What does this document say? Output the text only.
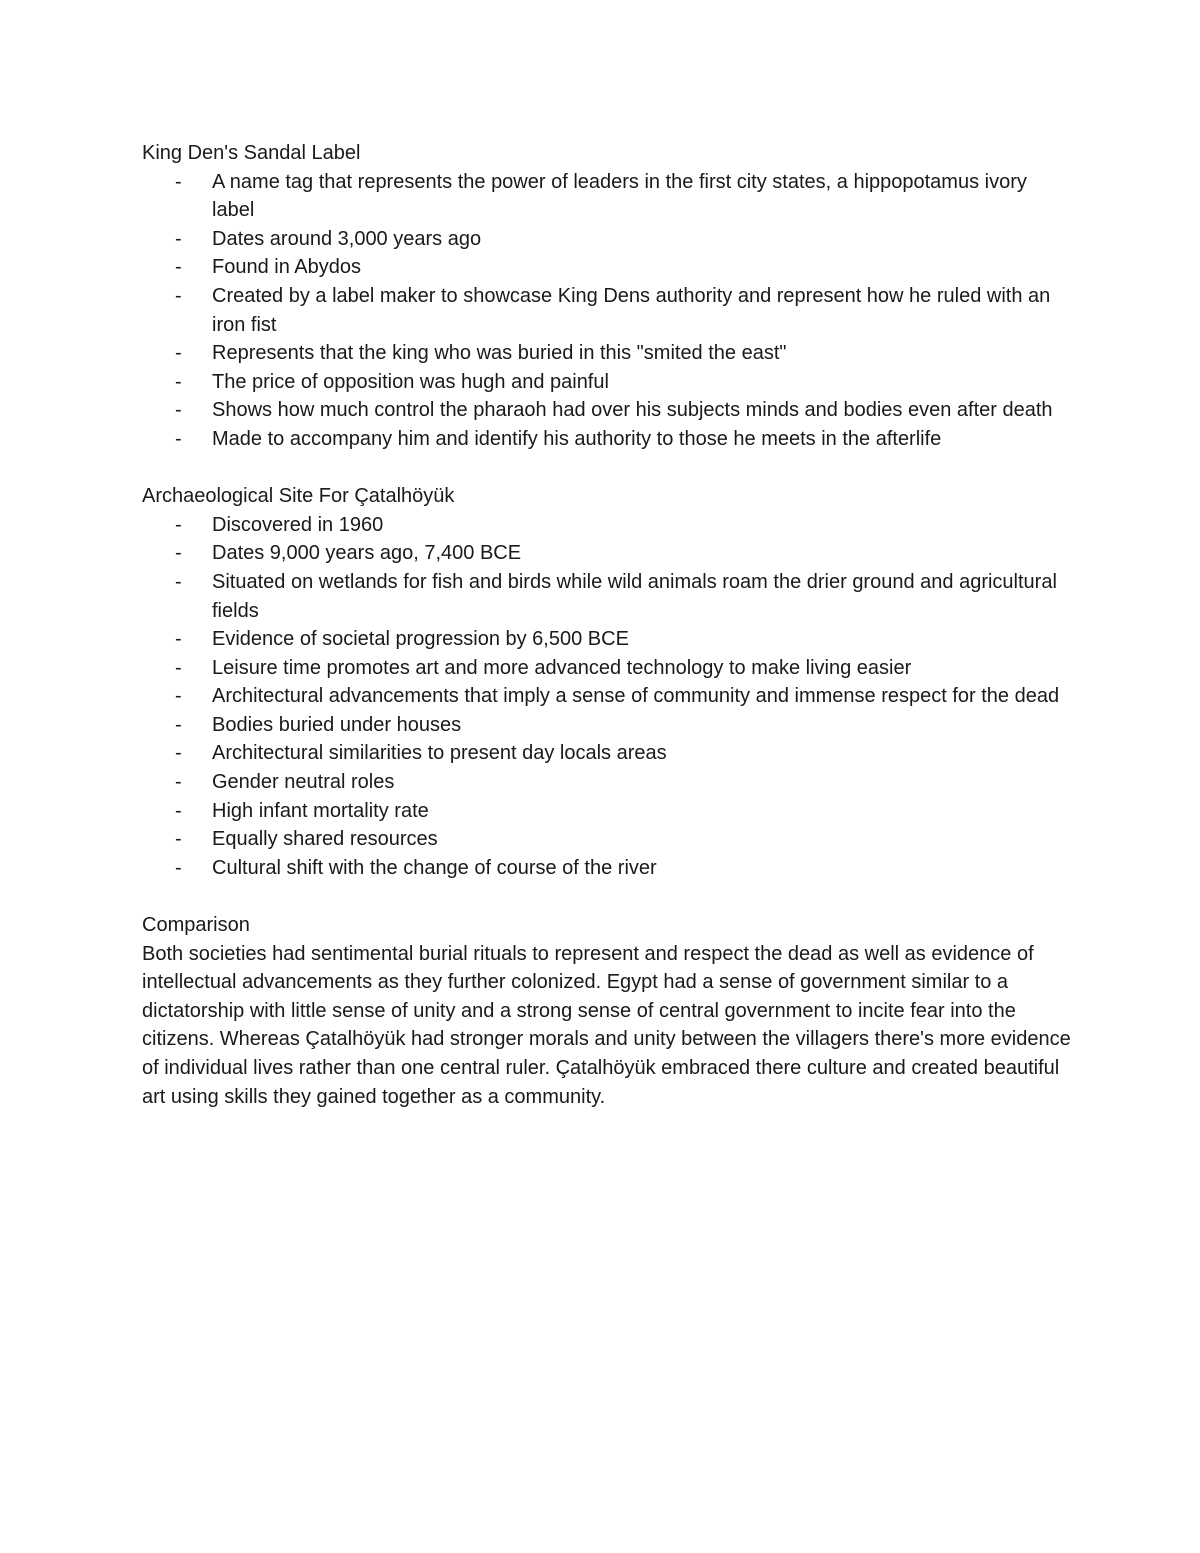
King Den's Sandal Label
- A name tag that represents the power of leaders in the first city states, a hippopotamus ivory label
- Dates around 3,000 years ago
- Found in Abydos
- Created by a label maker to showcase King Dens authority and represent how he ruled with an iron fist
- Represents that the king who was buried in this "smited the east"
- The price of opposition was hugh and painful
- Shows how much control the pharaoh had over his subjects minds and bodies even after death
- Made to accompany him and identify his authority to those he meets in the afterlife
Archaeological Site For Çatalhöyük
- Discovered in 1960
- Dates 9,000 years ago, 7,400 BCE
- Situated on wetlands for fish and birds while wild animals roam the drier ground and agricultural fields
- Evidence of societal progression by 6,500 BCE
- Leisure time promotes art and more advanced technology to make living easier
- Architectural advancements that imply a sense of community and immense respect for the dead
- Bodies buried under houses
- Architectural similarities to present day locals areas
- Gender neutral roles
- High infant mortality rate
- Equally shared resources
- Cultural shift with the change of course of the river
Comparison

Both societies had sentimental burial rituals to represent and respect the dead as well as evidence of intellectual advancements as they further colonized. Egypt had a sense of government similar to a dictatorship with little sense of unity and a strong sense of central government to incite fear into the citizens. Whereas Çatalhöyük had stronger morals and unity between the villagers there's more evidence of individual lives rather than one central ruler. Çatalhöyük embraced there culture and created beautiful art using skills they gained together as a community.
